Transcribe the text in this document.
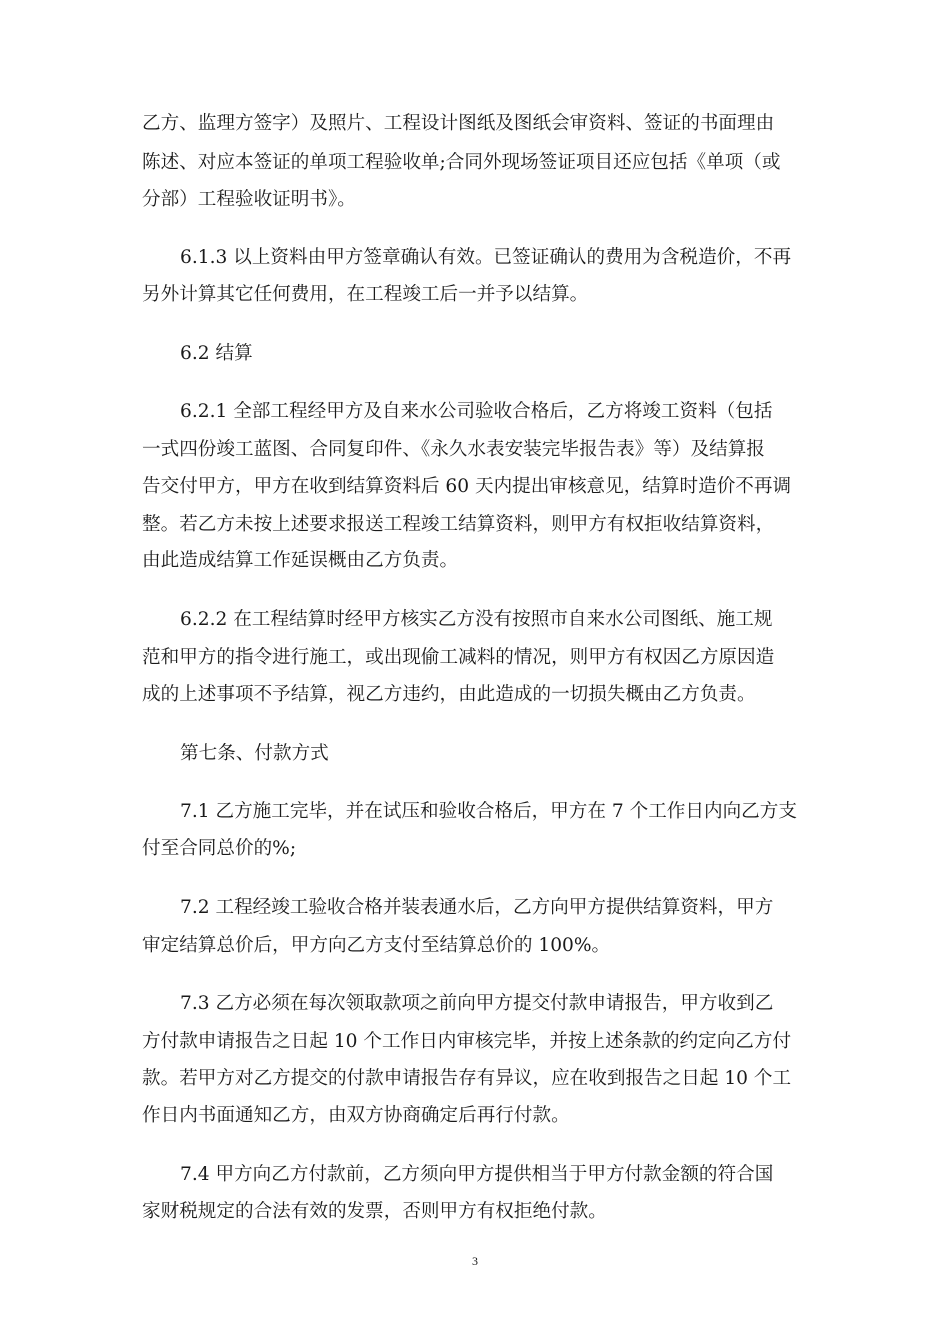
乙方、监理方签字）及照片、工程设计图纸及图纸会审资料、签证的书面理由

陈述、对应本签证的单项工程验收单;合同外现场签证项目还应包括《单项（或

分部）工程验收证明书》。

6.1.3 以上资料由甲方签章确认有效。已签证确认的费用为含税造价，不再

另外计算其它任何费用，在工程竣工后一并予以结算。

6.2 结算

6.2.1 全部工程经甲方及自来水公司验收合格后，乙方将竣工资料（包括

一式四份竣工蓝图、合同复印件、《永久水表安装完毕报告表》等）及结算报

告交付甲方，甲方在收到结算资料后 60 天内提出审核意见，结算时造价不再调

整。若乙方未按上述要求报送工程竣工结算资料，则甲方有权拒收结算资料，

由此造成结算工作延误概由乙方负责。

6.2.2 在工程结算时经甲方核实乙方没有按照市自来水公司图纸、施工规

范和甲方的指令进行施工，或出现偷工减料的情况，则甲方有权因乙方原因造

成的上述事项不予结算，视乙方违约，由此造成的一切损失概由乙方负责。

第七条、付款方式

7.1 乙方施工完毕，并在试压和验收合格后，甲方在 7 个工作日内向乙方支

付至合同总价的%;

7.2 工程经竣工验收合格并装表通水后，乙方向甲方提供结算资料，甲方

审定结算总价后，甲方向乙方支付至结算总价的 100%。

7.3 乙方必须在每次领取款项之前向甲方提交付款申请报告，甲方收到乙

方付款申请报告之日起 10 个工作日内审核完毕，并按上述条款的约定向乙方付

款。若甲方对乙方提交的付款申请报告存有异议，应在收到报告之日起 10 个工

作日内书面通知乙方，由双方协商确定后再行付款。

7.4 甲方向乙方付款前，乙方须向甲方提供相当于甲方付款金额的符合国

家财税规定的合法有效的发票，否则甲方有权拒绝付款。

3
